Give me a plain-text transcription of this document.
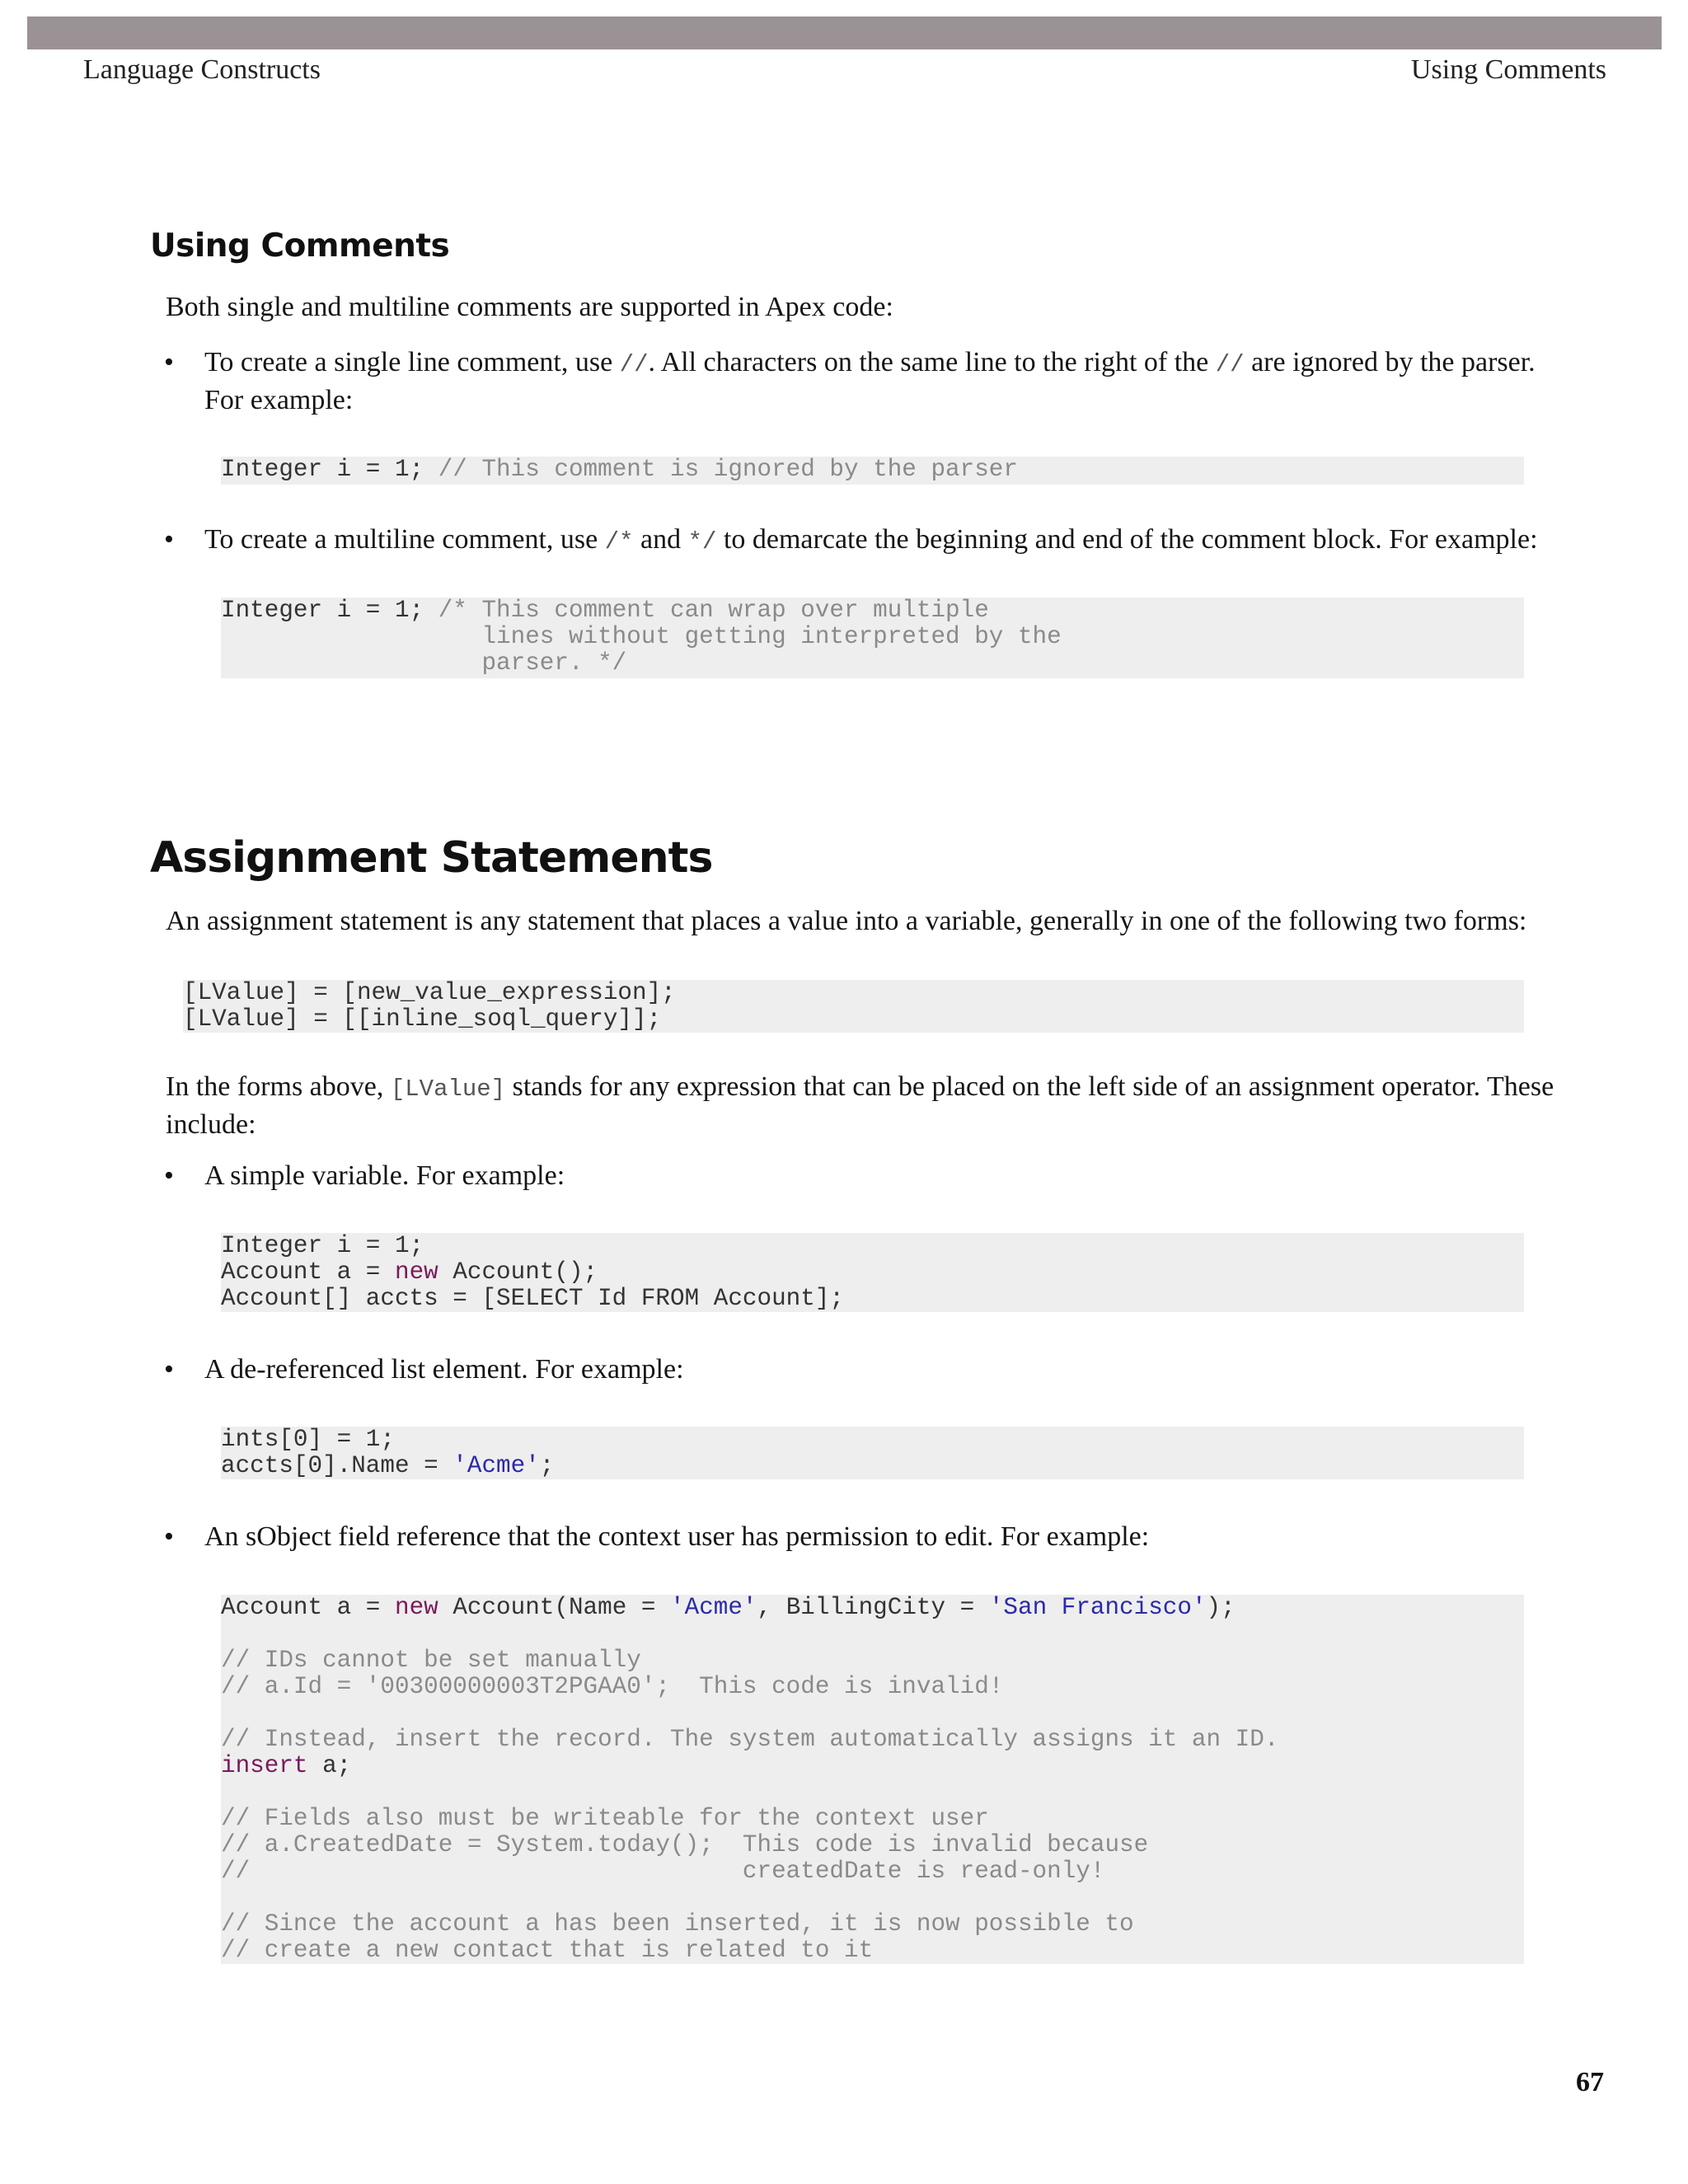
Language Constructs	Using Comments
Using Comments

Both single and multiline comments are supported in Apex code:

• To create a single line comment, use //. All characters on the same line to the right of the // are ignored by the parser.
For example:

Integer i = 1; // This comment is ignored by the parser
• To create a multiline comment, use /* and */ to demarcate the beginning and end of the comment block. For example:

Integer i = 1; /* This comment can wrap over multiple
lines without getting interpreted by the
parser. */
Assignment Statements

An assignment statement is any statement that places a value into a variable, generally in one of the following two forms:

[LValue] = [new_value_expression];
[LValue] = [[inline_soql_query]];

In the forms above, [LValue] stands for any expression that can be placed on the left side of an assignment operator. These
include:

• A simple variable. For example:

Integer i = 1;
Account a = new Account();
Account[] accts = [SELECT Id FROM Account];
• A de-referenced list element. For example:

ints[0] = 1;
accts[0].Name = 'Acme';
• An sObject field reference that the context user has permission to edit. For example:

Account a = new Account(Name = 'Acme', BillingCity = 'San Francisco');

// IDs cannot be set manually
// a.Id = '00300000003T2PGAA0';  This code is invalid!

// Instead, insert the record. The system automatically assigns it an ID.
insert a;

// Fields also must be writeable for the context user
// a.CreatedDate = System.today();  This code is invalid because
//                                  createdDate is read-only!

// Since the account a has been inserted, it is now possible to
// create a new contact that is related to it
67
